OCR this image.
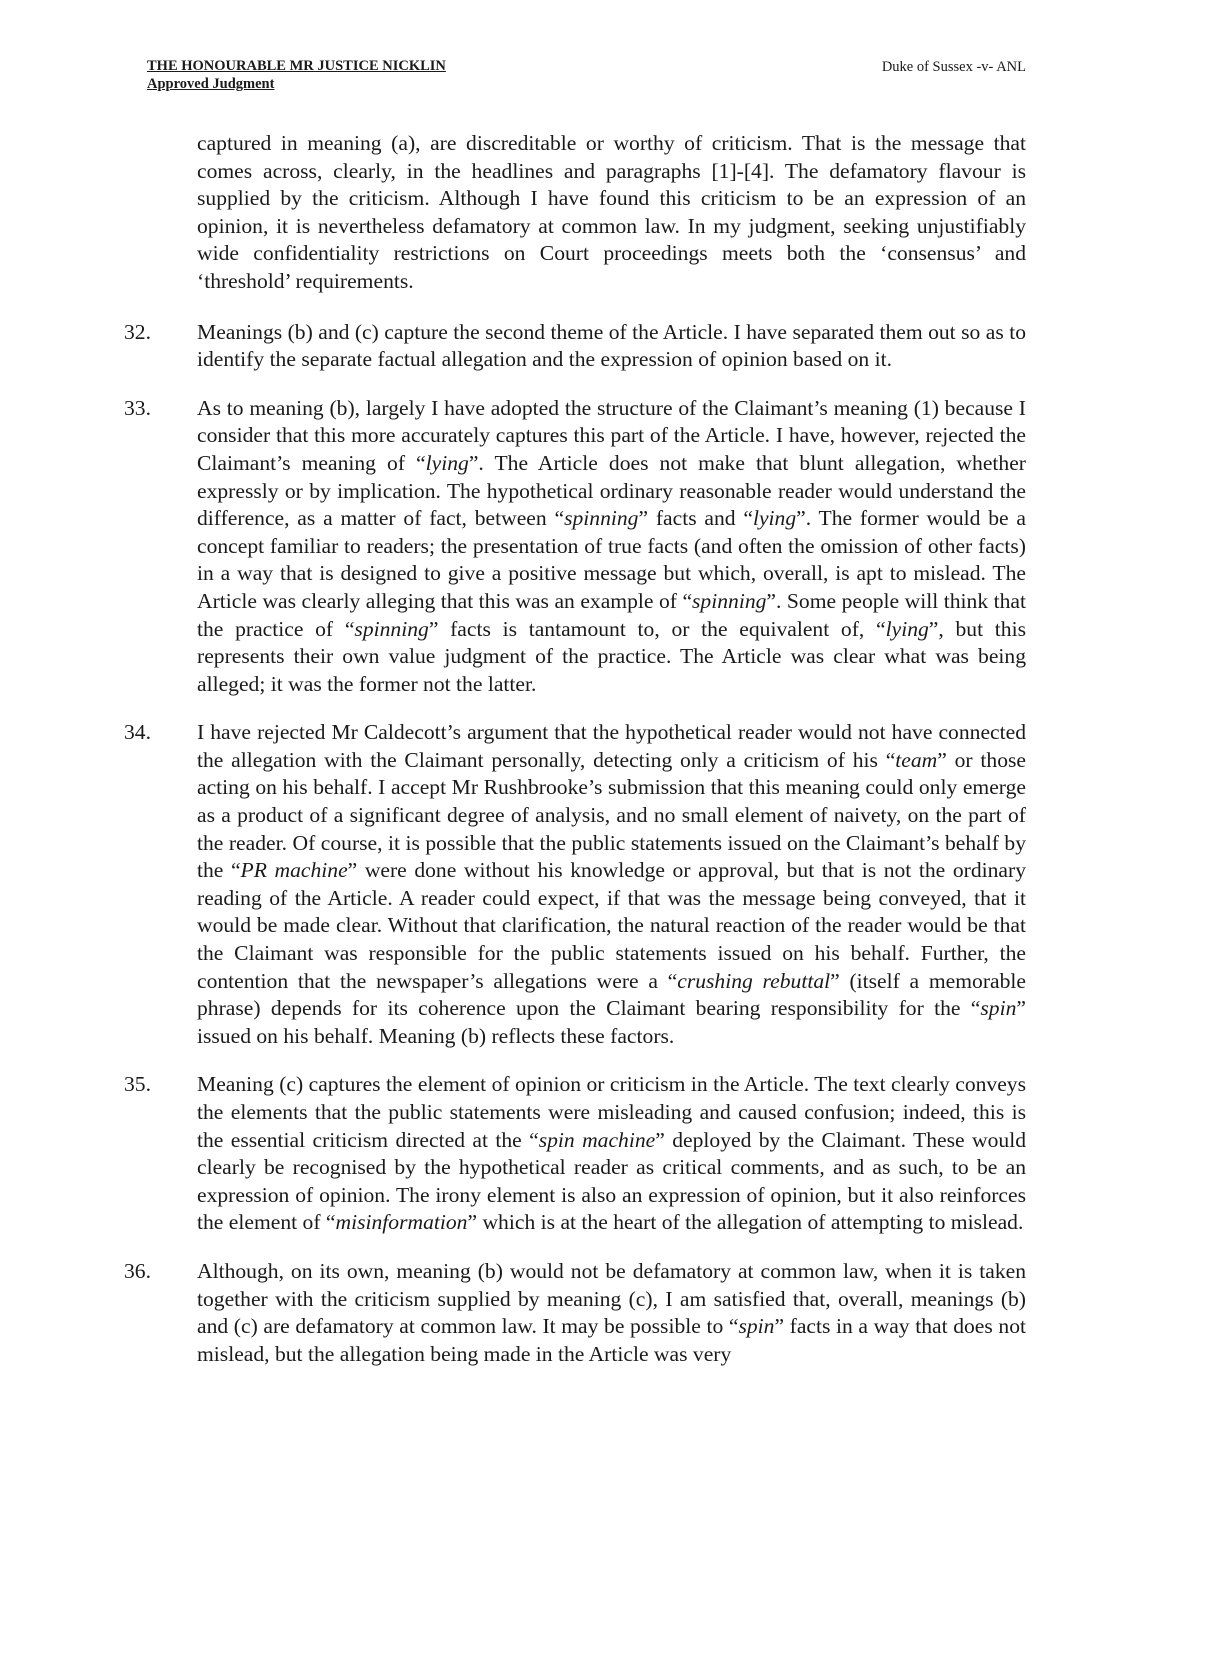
THE HONOURABLE MR JUSTICE NICKLIN
Approved Judgment
Duke of Sussex -v- ANL
captured in meaning (a), are discreditable or worthy of criticism. That is the message that comes across, clearly, in the headlines and paragraphs [1]-[4]. The defamatory flavour is supplied by the criticism. Although I have found this criticism to be an expression of an opinion, it is nevertheless defamatory at common law. In my judgment, seeking unjustifiably wide confidentiality restrictions on Court proceedings meets both the ‘consensus’ and ‘threshold’ requirements.
32. Meanings (b) and (c) capture the second theme of the Article. I have separated them out so as to identify the separate factual allegation and the expression of opinion based on it.
33. As to meaning (b), largely I have adopted the structure of the Claimant’s meaning (1) because I consider that this more accurately captures this part of the Article. I have, however, rejected the Claimant’s meaning of “lying”. The Article does not make that blunt allegation, whether expressly or by implication. The hypothetical ordinary reasonable reader would understand the difference, as a matter of fact, between “spinning” facts and “lying”. The former would be a concept familiar to readers; the presentation of true facts (and often the omission of other facts) in a way that is designed to give a positive message but which, overall, is apt to mislead. The Article was clearly alleging that this was an example of “spinning”. Some people will think that the practice of “spinning” facts is tantamount to, or the equivalent of, “lying”, but this represents their own value judgment of the practice. The Article was clear what was being alleged; it was the former not the latter.
34. I have rejected Mr Caldecott’s argument that the hypothetical reader would not have connected the allegation with the Claimant personally, detecting only a criticism of his “team” or those acting on his behalf. I accept Mr Rushbrooke’s submission that this meaning could only emerge as a product of a significant degree of analysis, and no small element of naivety, on the part of the reader. Of course, it is possible that the public statements issued on the Claimant’s behalf by the “PR machine” were done without his knowledge or approval, but that is not the ordinary reading of the Article. A reader could expect, if that was the message being conveyed, that it would be made clear. Without that clarification, the natural reaction of the reader would be that the Claimant was responsible for the public statements issued on his behalf. Further, the contention that the newspaper’s allegations were a “crushing rebuttal” (itself a memorable phrase) depends for its coherence upon the Claimant bearing responsibility for the “spin” issued on his behalf. Meaning (b) reflects these factors.
35. Meaning (c) captures the element of opinion or criticism in the Article. The text clearly conveys the elements that the public statements were misleading and caused confusion; indeed, this is the essential criticism directed at the “spin machine” deployed by the Claimant. These would clearly be recognised by the hypothetical reader as critical comments, and as such, to be an expression of opinion. The irony element is also an expression of opinion, but it also reinforces the element of “misinformation” which is at the heart of the allegation of attempting to mislead.
36. Although, on its own, meaning (b) would not be defamatory at common law, when it is taken together with the criticism supplied by meaning (c), I am satisfied that, overall, meanings (b) and (c) are defamatory at common law. It may be possible to “spin” facts in a way that does not mislead, but the allegation being made in the Article was very
